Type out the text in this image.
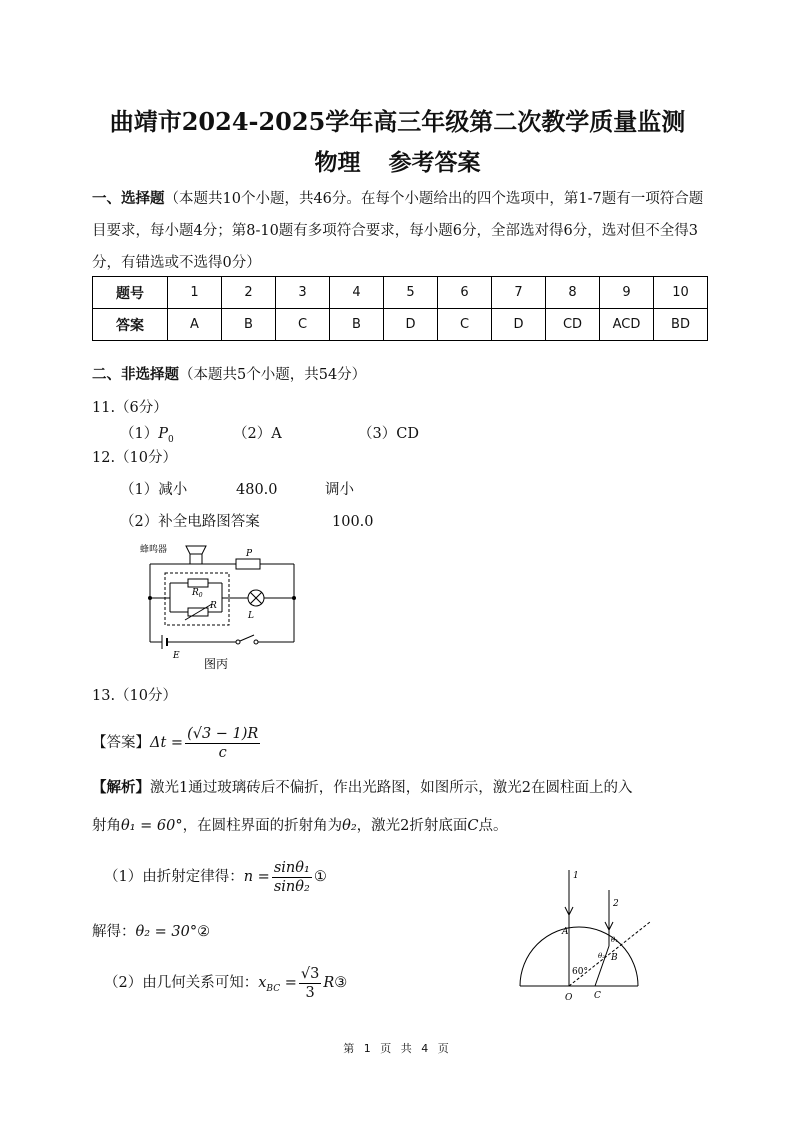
曲靖市2024-2025学年高三年级第二次教学质量监测
物理 参考答案
一、选择题（本题共10个小题，共46分。在每个小题给出的四个选项中，第1-7题有一项符合题目要求，每小题4分；第8-10题有多项符合要求，每小题6分，全部选对得6分，选对但不全得3分，有错选或不选得0分）
题号	1	2	3	4	5	6	7	8	9	10
答案	A	B	C	B	D	C	D	CD	ACD	BD
二、非选择题（本题共5个小题，共54分）
11.（6分）
$(1)P_0$	（2）A	（3）CD
12.（10分）
（1）减小	480.0	调小
（2）补全电路图答案	100.0
蜂鸣器	P
$R_0$
R
L
E
图丙
13.（10分）
【答案】$\Delta t = \frac{(√3 - 1)R}{c}$
【解析】激光1通过玻璃砖后不偏折，作出光路图，如图所示，激光2在圆柱面上的入
射角θ₁ = 60°，在圆柱界面的折射角为θ₂，激光2折射底面C点。
（1）由折射定律得：$n = \frac{\text{sinθ₁}}{\text{sinθ₂}}$ ①
解得：θ₂ = 30°②
（2）由几何关系可知：$x_{BC} = \frac{√3}{3}$ R③
1
2
A
B
O C
60°
θ₁
θ₂
第 1 页 共 4 页
